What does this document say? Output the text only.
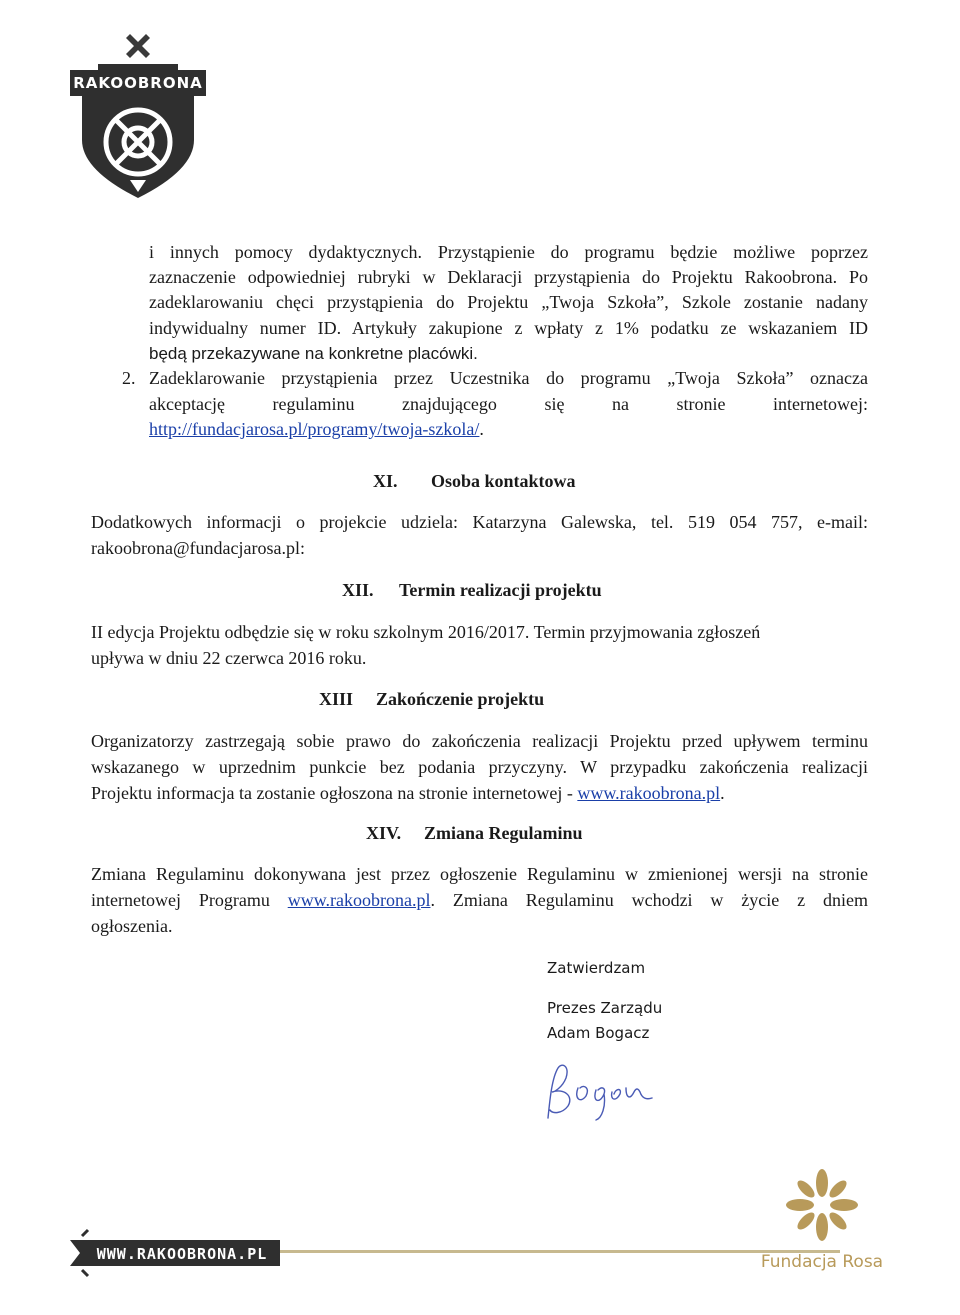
RAKOOBRONA
i innych pomocy dydaktycznych. Przystąpienie do programu będzie możliwe poprzez
zaznaczenie odpowiedniej rubryki w Deklaracji przystąpienia do Projektu Rakoobrona. Po
zadeklarowaniu chęci przystąpienia do Projektu „Twoja Szkoła”, Szkole zostanie nadany
indywidualny numer ID. Artykuły zakupione z wpłaty z 1% podatku ze wskazaniem ID
będą przekazywane na konkretne placówki.
2. Zadeklarowanie przystąpienia przez Uczestnika do programu „Twoja Szkoła” oznacza
akceptację regulaminu znajdującego się na stronie internetowej:
http://fundacjarosa.pl/programy/twoja-szkola/.
XI. Osoba kontaktowa
Dodatkowych informacji o projekcie udziela: Katarzyna Galewska, tel. 519 054 757, e-mail:
rakoobrona@fundacjarosa.pl:
XII. Termin realizacji projektu
II edycja Projektu odbędzie się w roku szkolnym 2016/2017. Termin przyjmowania zgłoszeń
upływa w dniu 22 czerwca 2016 roku.
XIII Zakończenie projektu
Organizatorzy zastrzegają sobie prawo do zakończenia realizacji Projektu przed upływem terminu
wskazanego w uprzednim punkcie bez podania przyczyny. W przypadku zakończenia realizacji
Projektu informacja ta zostanie ogłoszona na stronie internetowej - www.rakoobrona.pl.
XIV. Zmiana Regulaminu
Zmiana Regulaminu dokonywana jest przez ogłoszenie Regulaminu w zmienionej wersji na stronie
internetowej Programu www.rakoobrona.pl. Zmiana Regulaminu wchodzi w życie z dniem
ogłoszenia.
Zatwierdzam
Prezes Zarządu
Adam Bogacz
WWW.RAKOOBRONA.PL	Fundacja Rosa
